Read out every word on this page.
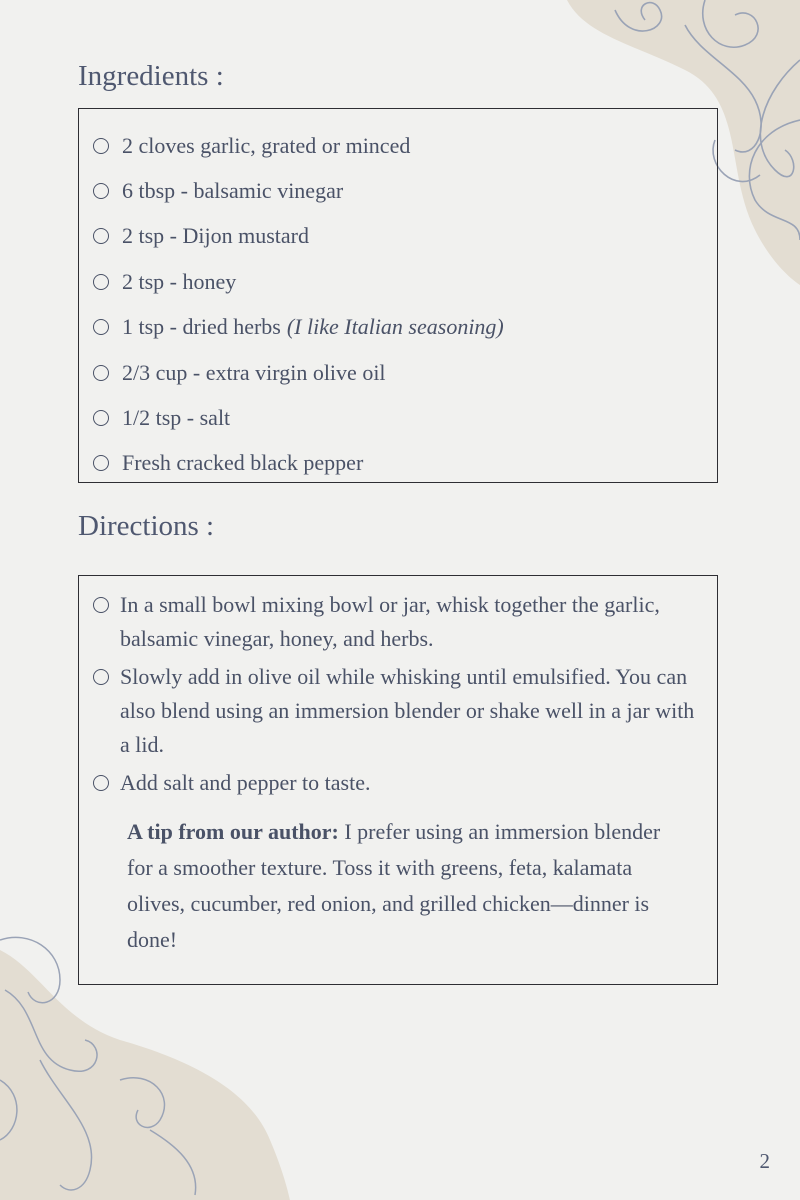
Ingredients :
2 cloves garlic, grated or minced
6 tbsp - balsamic vinegar
2 tsp - Dijon mustard
2 tsp - honey
1 tsp - dried herbs (I like Italian seasoning)
2/3 cup - extra virgin olive oil
1/2 tsp - salt
Fresh cracked black pepper
Directions :
In a small bowl mixing bowl or jar, whisk together the garlic, balsamic vinegar, honey, and herbs.
Slowly add in olive oil while whisking until emulsified. You can also blend using an immersion blender or shake well in a jar with a lid.
Add salt and pepper to taste.

A tip from our author: I prefer using an immersion blender for a smoother texture. Toss it with greens, feta, kalamata olives, cucumber, red onion, and grilled chicken—dinner is done!

2
